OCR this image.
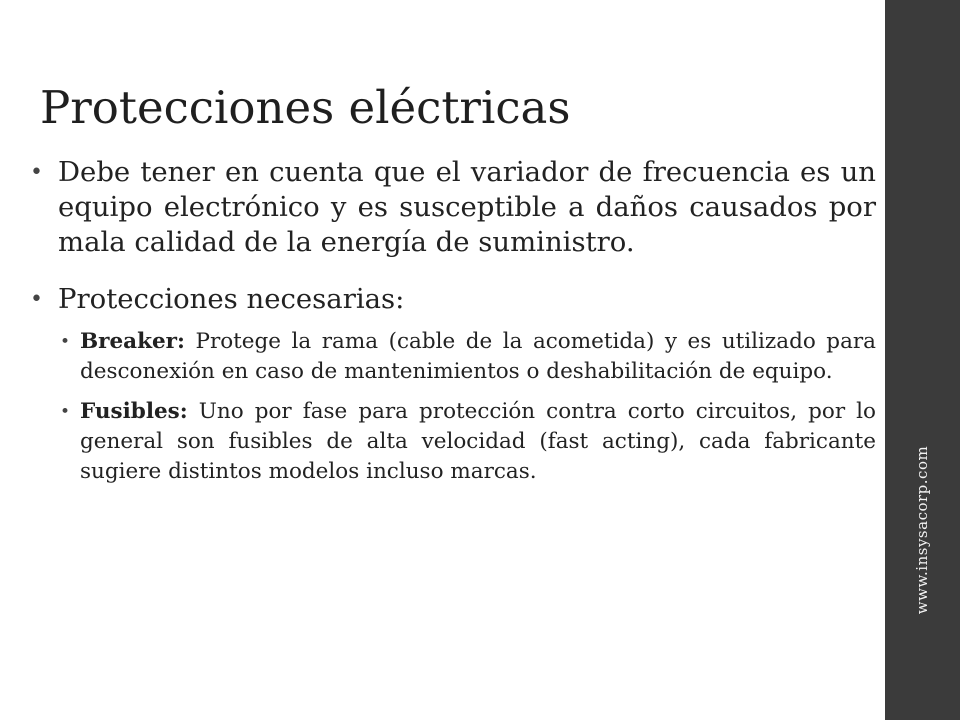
www.insysacorp.com
Protecciones eléctricas

• Debe tener en cuenta que el variador de frecuencia es un equipo electrónico y es susceptible a daños causados por mala calidad de la energía de suministro.

• Protecciones necesarias:

• Breaker: Protege la rama (cable de la acometida) y es utilizado para desconexión en caso de mantenimientos o deshabilitación de equipo.

• Fusibles: Uno por fase para protección contra corto circuitos, por lo general son fusibles de alta velocidad (fast acting), cada fabricante sugiere distintos modelos incluso marcas.
